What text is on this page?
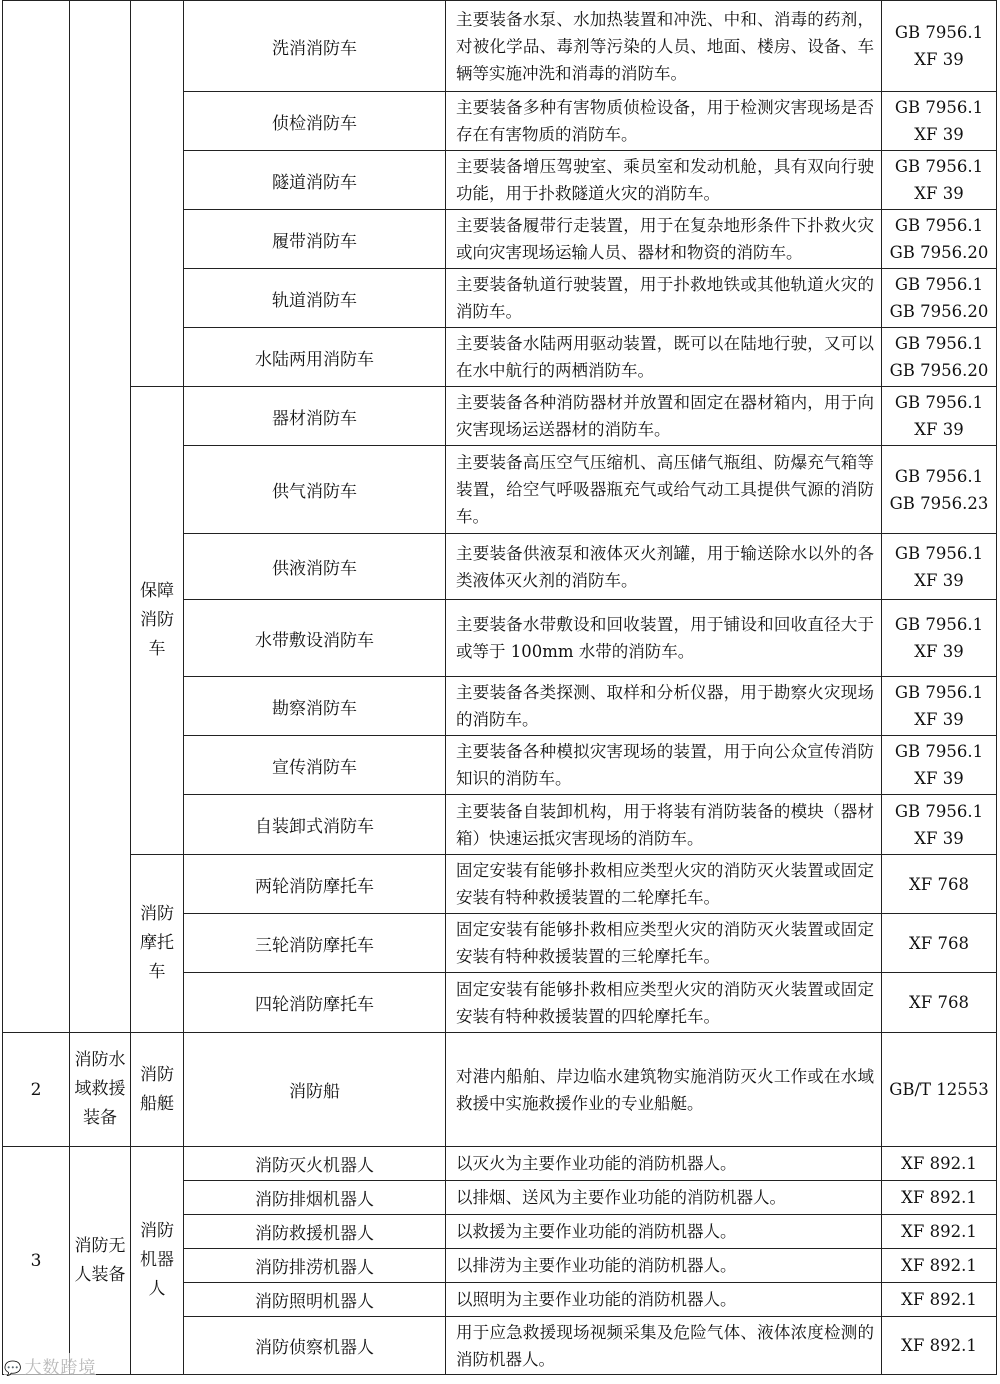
			洗消消防车	主要装备水泵、水加热装置和冲洗、中和、消毒的药剂，对被化学品、毒剂等污染的人员、地面、楼房、设备、车辆等实施冲洗和消毒的消防车。	GB 7956.1
XF 39

			侦检消防车	主要装备多种有害物质侦检设备，用于检测灾害现场是否存在有害物质的消防车。	GB 7956.1
XF 39

			隧道消防车	主要装备增压驾驶室、乘员室和发动机舱，具有双向行驶功能，用于扑救隧道火灾的消防车。	GB 7956.1
XF 39

			履带消防车	主要装备履带行走装置，用于在复杂地形条件下扑救火灾或向灾害现场运输人员、器材和物资的消防车。	GB 7956.1
GB 7956.20

			轨道消防车	主要装备轨道行驶装置，用于扑救地铁或其他轨道火灾的消防车。	GB 7956.1
GB 7956.20

			水陆两用消防车	主要装备水陆两用驱动装置，既可以在陆地行驶，又可以在水中航行的两栖消防车。	GB 7956.1
GB 7956.20

		保障消防车	器材消防车	主要装备各种消防器材并放置和固定在器材箱内，用于向灾害现场运送器材的消防车。	GB 7956.1
XF 39

			供气消防车	主要装备高压空气压缩机、高压储气瓶组、防爆充气箱等装置，给空气呼吸器瓶充气或给气动工具提供气源的消防车。	GB 7956.1
GB 7956.23

			供液消防车	主要装备供液泵和液体灭火剂罐，用于输送除水以外的各类液体灭火剂的消防车。	GB 7956.1
XF 39

			水带敷设消防车	主要装备水带敷设和回收装置，用于铺设和回收直径大于或等于 100mm 水带的消防车。	GB 7956.1
XF 39

			勘察消防车	主要装备各类探测、取样和分析仪器，用于勘察火灾现场的消防车。	GB 7956.1
XF 39

			宣传消防车	主要装备各种模拟灾害现场的装置，用于向公众宣传消防知识的消防车。	GB 7956.1
XF 39

			自装卸式消防车	主要装备自装卸机构，用于将装有消防装备的模块（器材箱）快速运抵灾害现场的消防车。	GB 7956.1
XF 39

		消防摩托车	两轮消防摩托车	固定安装有能够扑救相应类型火灾的消防灭火装置或固定安装有特种救援装置的二轮摩托车。	XF 768

			三轮消防摩托车	固定安装有能够扑救相应类型火灾的消防灭火装置或固定安装有特种救援装置的三轮摩托车。	XF 768

			四轮消防摩托车	固定安装有能够扑救相应类型火灾的消防灭火装置或固定安装有特种救援装置的四轮摩托车。	XF 768

2	消防水域救援装备	消防船艇	消防船	对港内船舶、岸边临水建筑物实施消防灭火工作或在水域救援中实施救援作业的专业船艇。	GB/T 12553

3	消防无人装备	消防机器人	消防灭火机器人	以灭火为主要作业功能的消防机器人。	XF 892.1

			消防排烟机器人	以排烟、送风为主要作业功能的消防机器人。	XF 892.1

			消防救援机器人	以救援为主要作业功能的消防机器人。	XF 892.1

			消防排涝机器人	以排涝为主要作业功能的消防机器人。	XF 892.1

			消防照明机器人	以照明为主要作业功能的消防机器人。	XF 892.1

			消防侦察机器人	用于应急救援现场视频采集及危险气体、液体浓度检测的消防机器人。	XF 892.1
💬 大数跨境
